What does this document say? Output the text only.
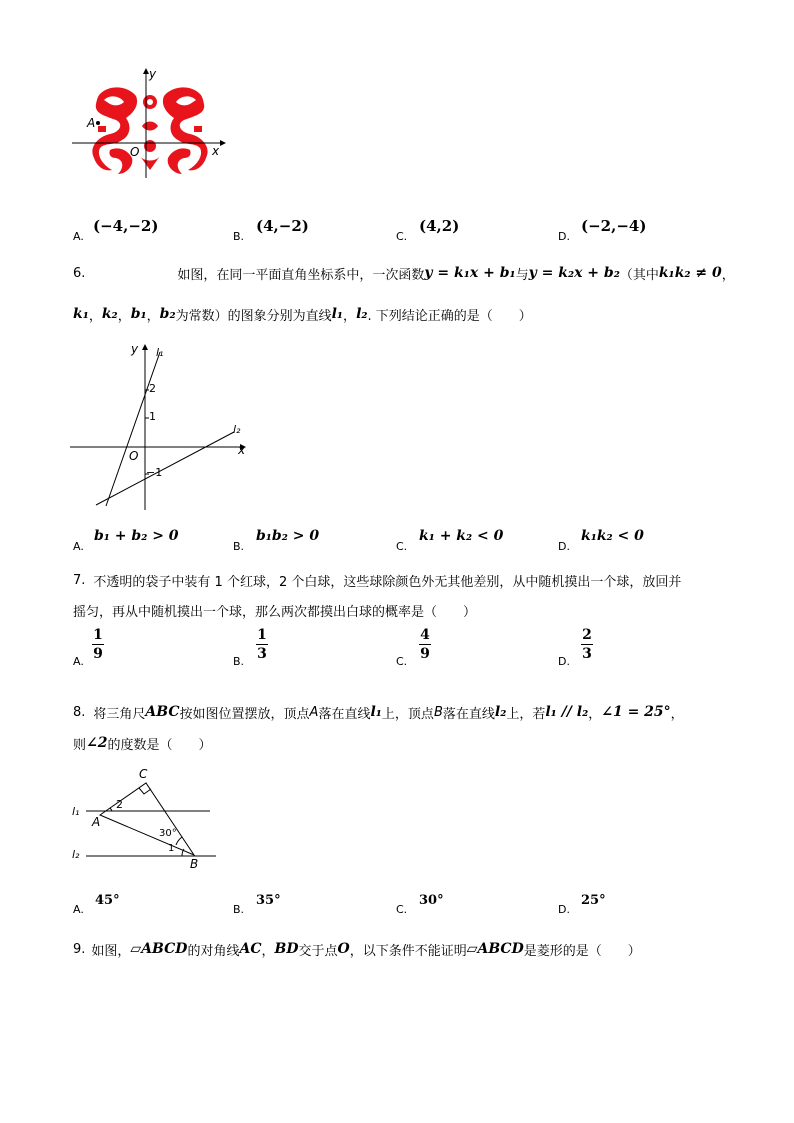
y
x
O
A
A.
(−4,−2)
B.
(4,−2)
C.
(4,2)
D.
(−2,−4)
6.	如图，在同一平面直角坐标系中，一次函数 y = k₁x + b₁ 与 y = k₂x + b₂ （其中 k₁k₂ ≠ 0 ，
k₁ ， k₂ ， b₁ ， b₂ 为常数）的图象分别为直线 l₁ ， l₂ . 下列结论正确的是（　　）
y
x
O
l₁
l₂
2
1
−1
A.
b₁ + b₂ > 0
B.
b₁b₂ > 0
C.
k₁ + k₂ < 0
D.
k₁k₂ < 0
7. 不透明的袋子中装有 1 个红球，2 个白球，这些球除颜色外无其他差别，从中随机摸出一个球，放回并
摇匀，再从中随机摸出一个球，那么两次都摸出白球的概率是（　　）
A.
1
9	B.
1
3	C.
4
9	D.
2
3
8. 将三角尺 ABC 按如图位置摆放，顶点 A 落在直线 l₁ 上，顶点 B 落在直线 l₂ 上，若 l₁ // l₂ ， ∠1 = 25° ，
则 ∠2 的度数是（　　）
C
A
B
l₁
l₂
2
30°
1
A.
45°
B.
35°
C.
30°
D.
25°
9. 如图， ▱ABCD 的对角线 AC ， BD 交于点 O ，以下条件不能证明 ▱ABCD 是菱形的是（　　）
